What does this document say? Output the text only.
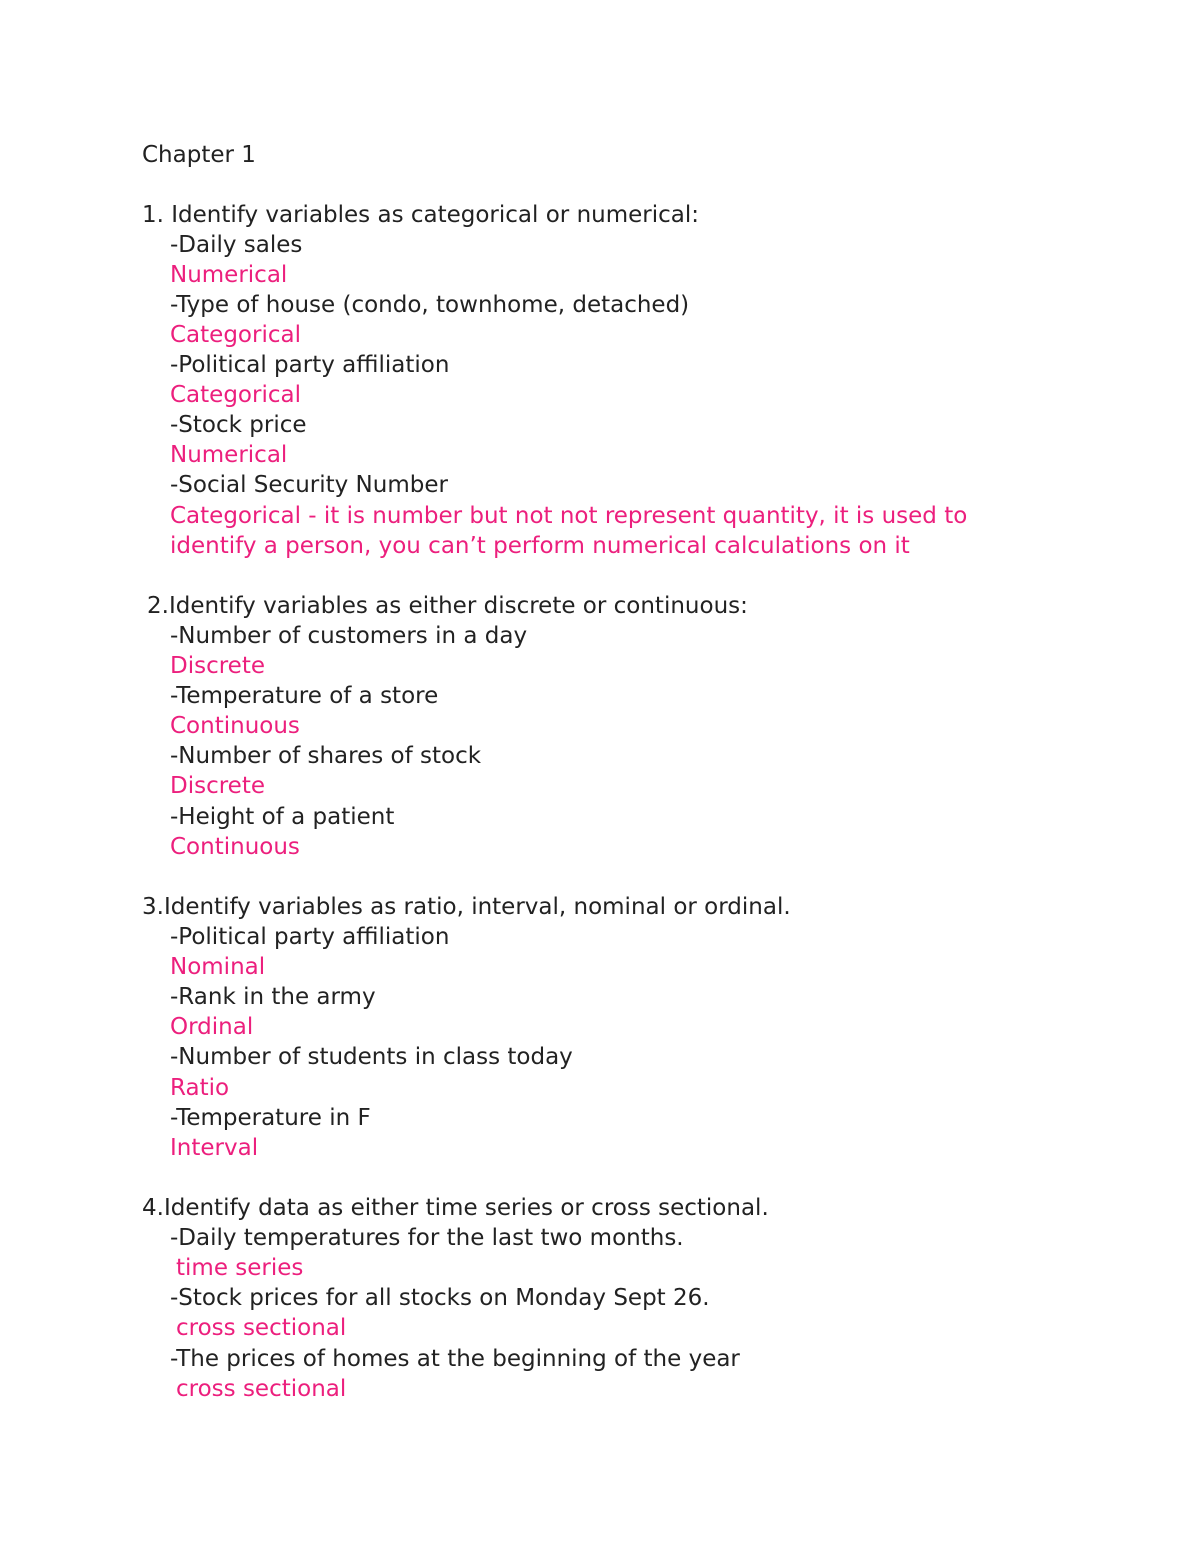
Chapter 1
1. Identify variables as categorical or numerical:
-Daily sales
Numerical
-Type of house (condo, townhome, detached)
Categorical
-Political party affiliation
Categorical
-Stock price
Numerical
-Social Security Number
Categorical - it is number but not not represent quantity, it is used to
identify a person, you can’t perform numerical calculations on it
2.Identify variables as either discrete or continuous:
-Number of customers in a day
Discrete
-Temperature of a store
Continuous
-Number of shares of stock
Discrete
-Height of a patient
Continuous
3.Identify variables as ratio, interval, nominal or ordinal.
-Political party affiliation
Nominal
-Rank in the army
Ordinal
-Number of students in class today
Ratio
-Temperature in F
Interval
4.Identify data as either time series or cross sectional.
-Daily temperatures for the last two months.
time series
-Stock prices for all stocks on Monday Sept 26.
cross sectional
-The prices of homes at the beginning of the year
cross sectional
